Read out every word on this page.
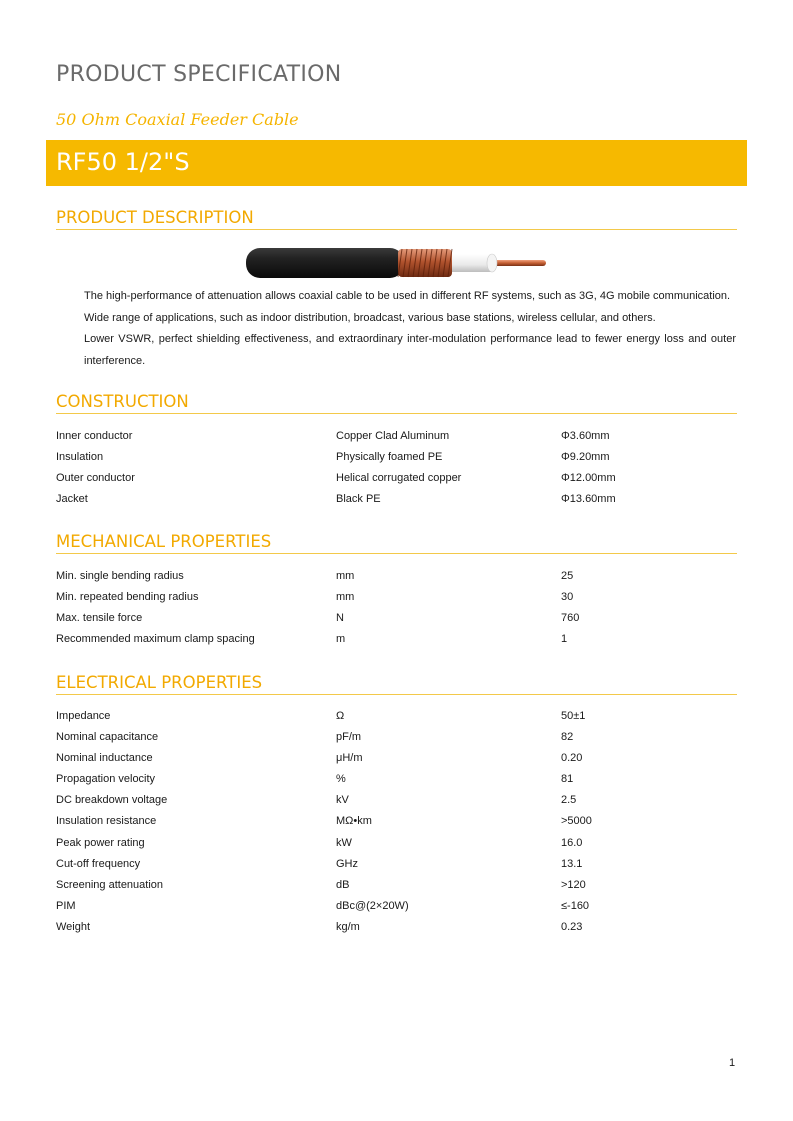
PRODUCT SPECIFICATION
50 Ohm Coaxial Feeder Cable
RF50 1/2"S
PRODUCT DESCRIPTION

The high-performance of attenuation allows coaxial cable to be used in different RF systems, such as 3G, 4G mobile communication.

Wide range of applications, such as indoor distribution, broadcast, various base stations, wireless cellular, and others.

Lower VSWR, perfect shielding effectiveness, and extraordinary inter-modulation performance lead to fewer energy loss and outer interference.

CONSTRUCTION
Inner conductor	Copper Clad Aluminum	Φ3.60mm
Insulation	Physically foamed PE	Φ9.20mm
Outer conductor	Helical corrugated copper	Φ12.00mm
Jacket	Black PE	Φ13.60mm
MECHANICAL PROPERTIES
Min. single bending radius	mm	25
Min. repeated bending radius	mm	30
Max. tensile force	N	760
Recommended maximum clamp spacing	m	1
ELECTRICAL PROPERTIES
Impedance	Ω	50±1
Nominal capacitance	pF/m	82
Nominal inductance	μH/m	0.20
Propagation velocity	%	81
DC breakdown voltage	kV	2.5
Insulation resistance	MΩ•km	>5000
Peak power rating	kW	16.0
Cut-off frequency	GHz	13.1
Screening attenuation	dB	>120
PIM	dBc@(2×20W)	≤-160
Weight	kg/m	0.23
1
